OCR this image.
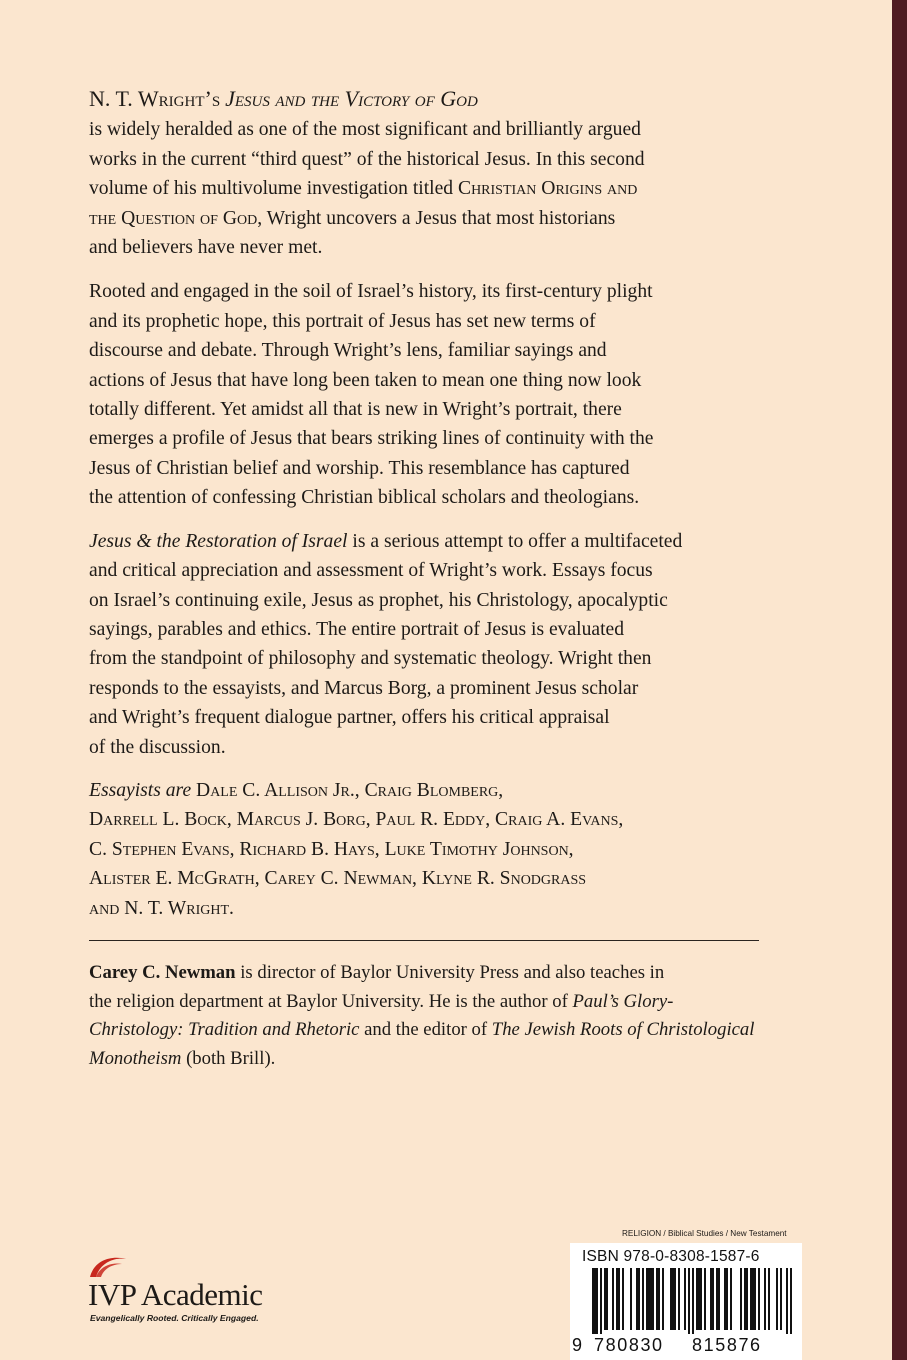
N. T. Wright’s Jesus and the Victory of God
is widely heralded as one of the most significant and brilliantly argued
works in the current “third quest” of the historical Jesus. In this second
volume of his multivolume investigation titled Christian Origins and
the Question of God, Wright uncovers a Jesus that most historians
and believers have never met.

Rooted and engaged in the soil of Israel’s history, its first-century plight
and its prophetic hope, this portrait of Jesus has set new terms of
discourse and debate. Through Wright’s lens, familiar sayings and
actions of Jesus that have long been taken to mean one thing now look
totally different. Yet amidst all that is new in Wright’s portrait, there
emerges a profile of Jesus that bears striking lines of continuity with the
Jesus of Christian belief and worship. This resemblance has captured
the attention of confessing Christian biblical scholars and theologians.

Jesus & the Restoration of Israel is a serious attempt to offer a multifaceted
and critical appreciation and assessment of Wright’s work. Essays focus
on Israel’s continuing exile, Jesus as prophet, his Christology, apocalyptic
sayings, parables and ethics. The entire portrait of Jesus is evaluated
from the standpoint of philosophy and systematic theology. Wright then
responds to the essayists, and Marcus Borg, a prominent Jesus scholar
and Wright’s frequent dialogue partner, offers his critical appraisal
of the discussion.

Essayists are Dale C. Allison Jr., Craig Blomberg,
Darrell L. Bock, Marcus J. Borg, Paul R. Eddy, Craig A. Evans,
C. Stephen Evans, Richard B. Hays, Luke Timothy Johnson,
Alister E. McGrath, Carey C. Newman, Klyne R. Snodgrass
and N. T. Wright.

Carey C. Newman is director of Baylor University Press and also teaches in
the religion department at Baylor University. He is the author of Paul’s Glory-
Christology: Tradition and Rhetoric and the editor of The Jewish Roots of Christological
Monotheism (both Brill).

RELIGION / Biblical Studies / New Testament
ISBN 978-0-8308-1587-6
9 780830 815876
IVP Academic
Evangelically Rooted. Critically Engaged.
